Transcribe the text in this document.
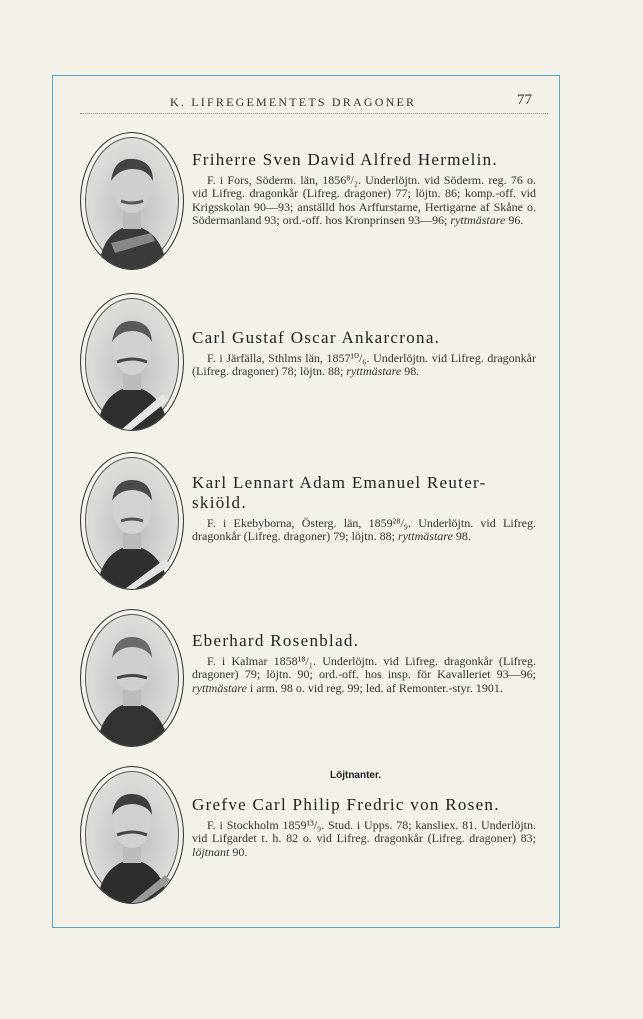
K. LIFREGEMENTETS DRAGONER	77
Friherre Sven David Alfred Hermelin.
F. i Fors, Söderm. län, 1856⁸/₂. Underlöjtn. vid Söderm. reg. 76 o. vid Lifreg. dragonkår (Lifreg. dragoner) 77; löjtn. 86; komp.-off. vid Krigsskolan 90—93; anställd hos Arffurstarne, Hertigarne af Skåne o. Södermanland 93; ord.-off. hos Kronprinsen 93—96; ryttmästare 96.
Carl Gustaf Oscar Ankarcrona.
F. i Järfälla, Sthlms län, 1857¹⁰/₆. Underlöjtn. vid Lifreg. dragonkår (Lifreg. dragoner) 78; löjtn. 88; ryttmästare 98.
Karl Lennart Adam Emanuel Reuter-skiöld.
F. i Ekebyborna, Österg. län, 1859²⁸/₉. Underlöjtn. vid Lifreg. dragonkår (Lifreg. dragoner) 79; löjtn. 88; ryttmästare 98.
Eberhard Rosenblad.
F. i Kalmar 1858¹⁸/₁. Underlöjtn. vid Lifreg. dragonkår (Lifreg. dragoner) 79; löjtn. 90; ord.-off. hos insp. för Kavalleriet 93—96; ryttmästare i arm. 98 o. vid reg. 99; led. af Remonter.-styr. 1901.
Löjtnanter.
Grefve Carl Philip Fredric von Rosen.
F. i Stockholm 1859¹³/₉. Stud. i Upps. 78; kansliex. 81. Underlöjtn. vid Lifgardet t. h. 82 o. vid Lifreg. dragonkår (Lifreg. dragoner) 83; löjtnant 90.
